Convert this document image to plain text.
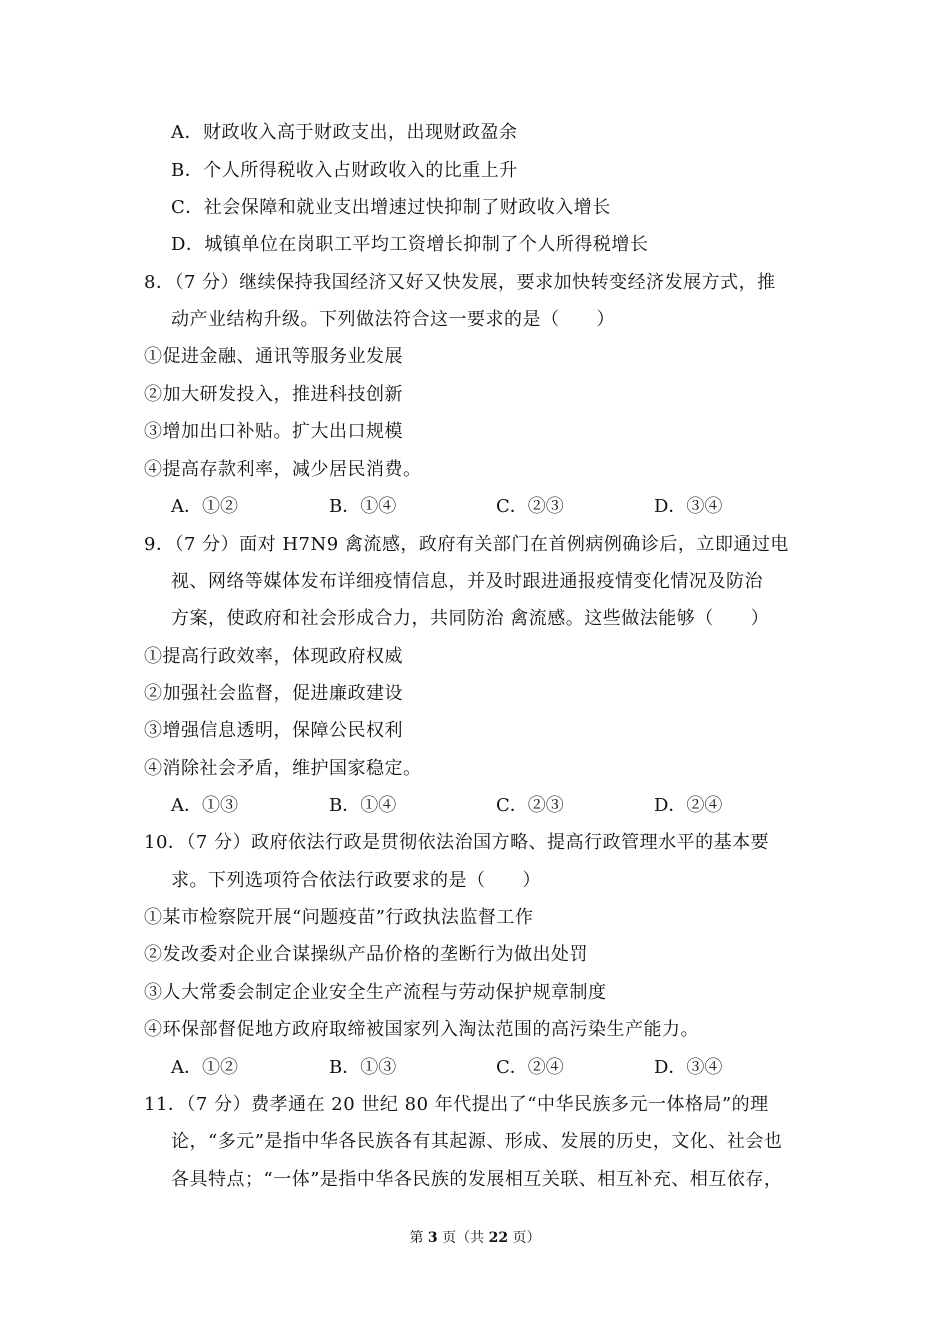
A．财政收入高于财政支出，出现财政盈余
B．个人所得税收入占财政收入的比重上升
C．社会保障和就业支出增速过快抑制了财政收入增长
D．城镇单位在岗职工平均工资增长抑制了个人所得税增长
8．（7 分）继续保持我国经济又好又快发展，要求加快转变经济发展方式，推
动产业结构升级。下列做法符合这一要求的是（　　）
①促进金融、通讯等服务业发展
②加大研发投入，推进科技创新
③增加出口补贴。扩大出口规模
④提高存款利率，减少居民消费。
A．①②	B．①④	C．②③	D．③④
9．（7 分）面对 H7N9 禽流感，政府有关部门在首例病例确诊后，立即通过电
视、网络等媒体发布详细疫情信息，并及时跟进通报疫情变化情况及防治
方案，使政府和社会形成合力，共同防治 禽流感。这些做法能够（　　）
①提高行政效率，体现政府权威
②加强社会监督，促进廉政建设
③增强信息透明，保障公民权利
④消除社会矛盾，维护国家稳定。
A．①③	B．①④	C．②③	D．②④
10．（7 分）政府依法行政是贯彻依法治国方略、提高行政管理水平的基本要
求。下列选项符合依法行政要求的是（　　）
①某市检察院开展“问题疫苗”行政执法监督工作
②发改委对企业合谋操纵产品价格的垄断行为做出处罚
③人大常委会制定企业安全生产流程与劳动保护规章制度
④环保部督促地方政府取缔被国家列入淘汰范围的高污染生产能力。
A．①②	B．①③	C．②④	D．③④
11．（7 分）费孝通在 20 世纪 80 年代提出了“中华民族多元一体格局”的理
论，“多元”是指中华各民族各有其起源、形成、发展的历史，文化、社会也
各具特点；“一体”是指中华各民族的发展相互关联、相互补充、相互依存，
第 3 页（共 22 页）
